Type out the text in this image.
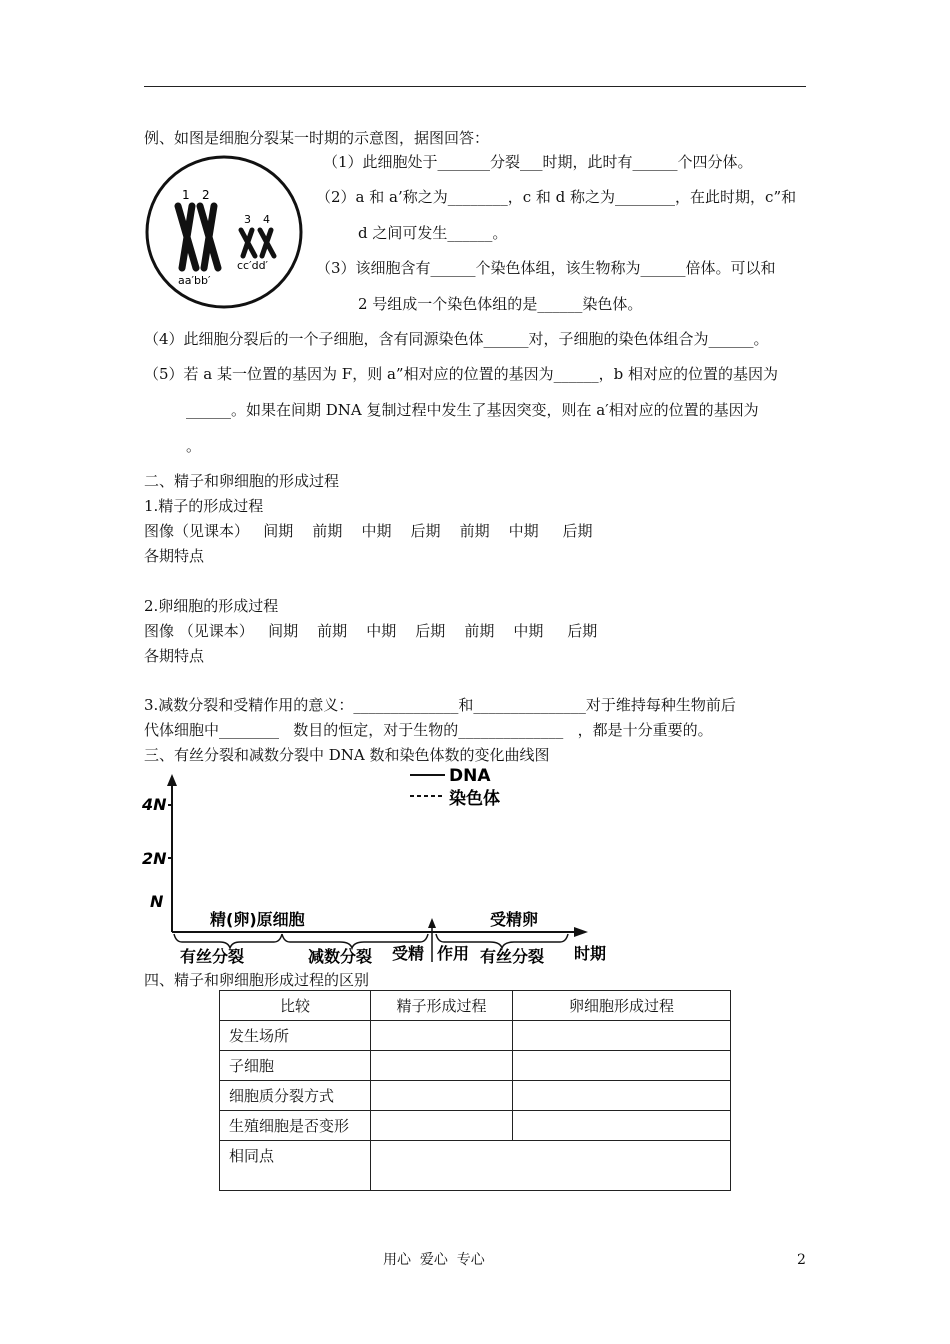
例、如图是细胞分裂某一时期的示意图，据图回答：
1 2
3 4
aa′bb′
cc′dd′
（1）此细胞处于_______分裂___时期，此时有______个四分体。
（2）a 和 a’称之为________，c 和 d 称之为________，在此时期，c”和
d 之间可发生______。
（3）该细胞含有______个染色体组，该生物称为______倍体。可以和
2 号组成一个染色体组的是______染色体。
（4）此细胞分裂后的一个子细胞，含有同源染色体______对，子细胞的染色体组合为______。
（5）若 a 某一位置的基因为 F，则 a”相对应的位置的基因为______，b 相对应的位置的基因为
______。如果在间期 DNA 复制过程中发生了基因突变，则在 a′相对应的位置的基因为
。
二、精子和卵细胞的形成过程
1.精子的形成过程
图像（见课本）   间期    前期    中期    后期    前期    中期     后期
各期特点
2.卵细胞的形成过程
图像 （见课本）   间期    前期    中期    后期    前期    中期     后期
各期特点
3.减数分裂和受精作用的意义：______________和_______________对于维持每种生物前后
代体细胞中________   数目的恒定，对于生物的______________   ，都是十分重要的。
三、有丝分裂和减数分裂中 DNA 数和染色体数的变化曲线图
DNA
染色体
4N
2N
N
精(卵)原细胞	受精卵
有丝分裂	减数分裂 受精 作用 有丝分裂 时期
四、精子和卵细胞形成过程的区别
比较	精子形成过程	卵细胞形成过程
发生场所		
子细胞		
细胞质分裂方式		
生殖细胞是否变形		
相同点		
用心  爱心  专心	2
